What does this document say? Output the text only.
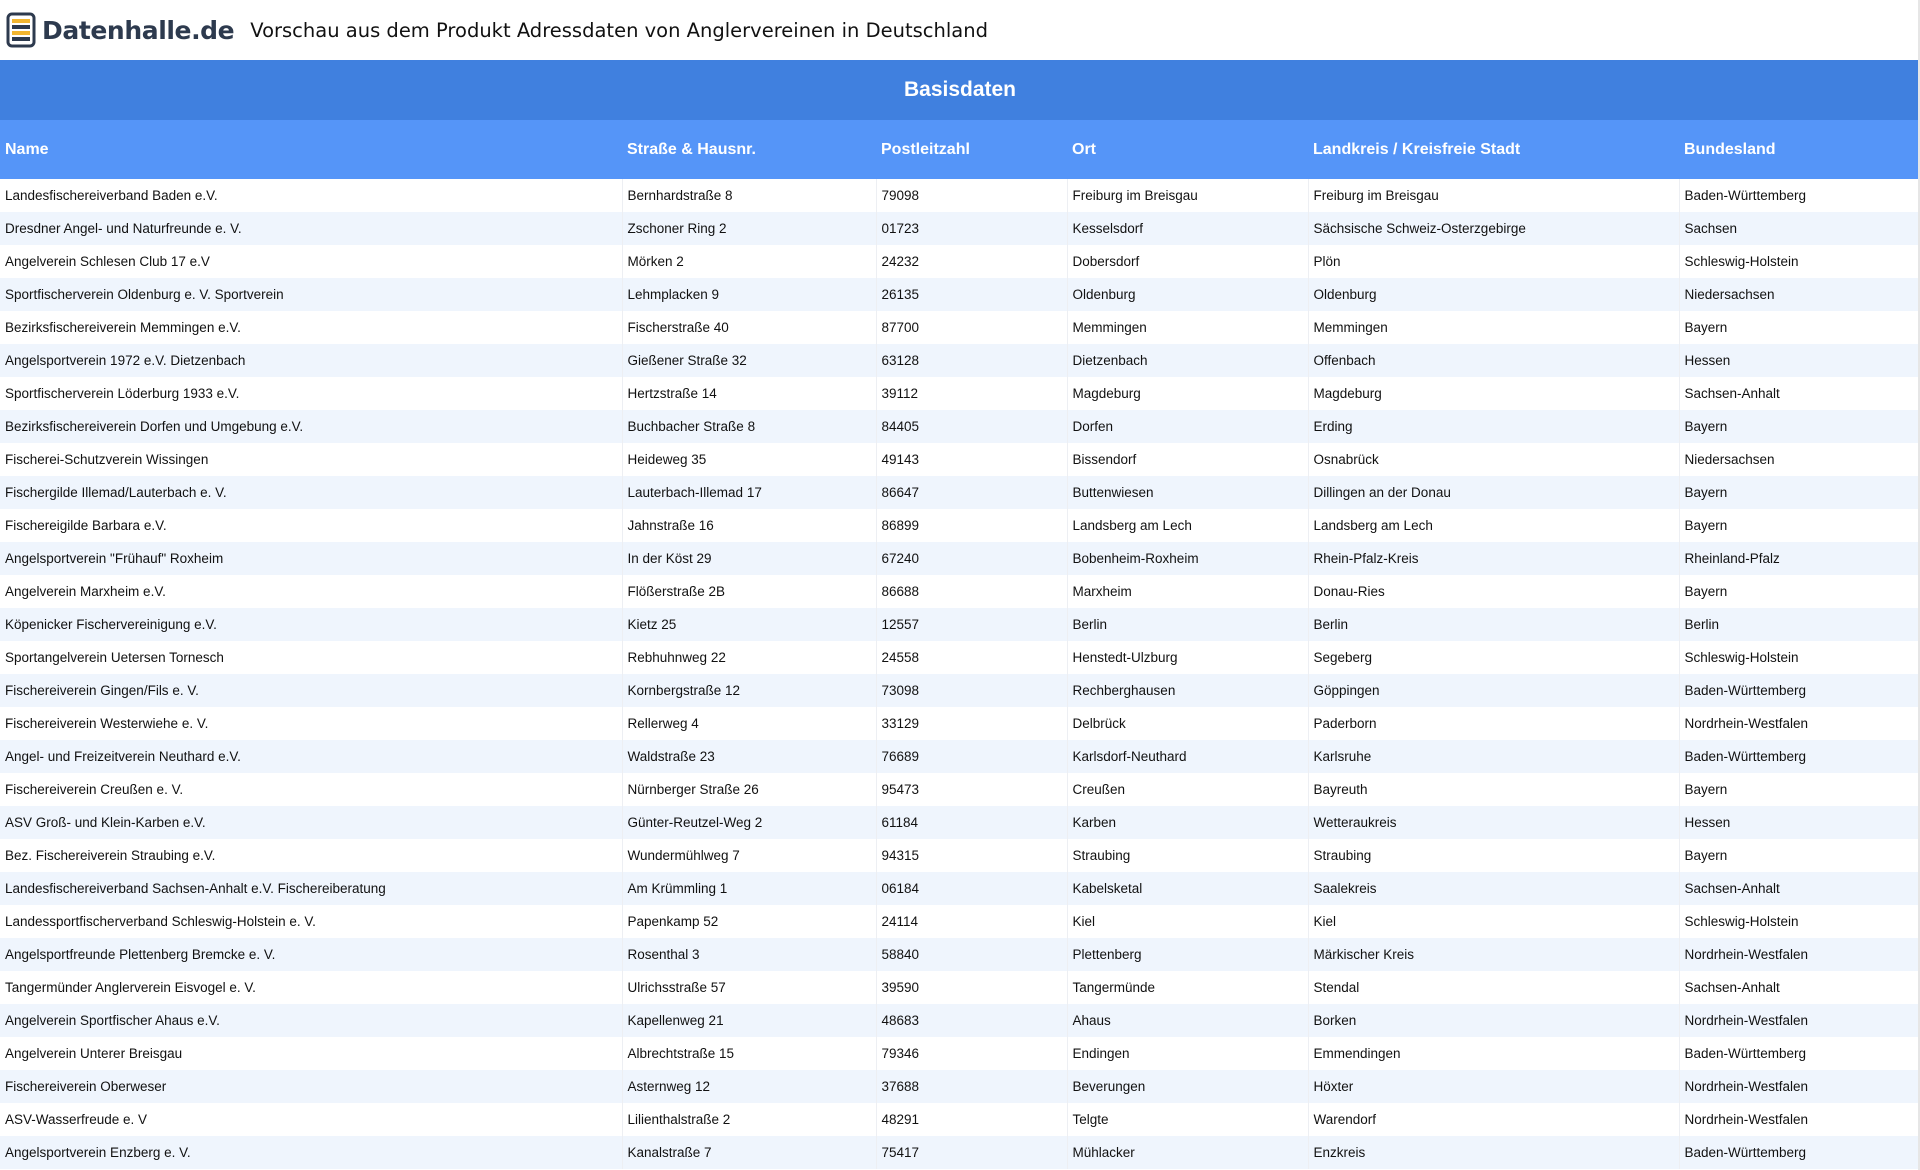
Datenhalle.de Vorschau aus dem Produkt Adressdaten von Anglervereinen in Deutschland
Basisdaten
Name	Straße & Hausnr.	Postleitzahl	Ort	Landkreis / Kreisfreie Stadt	Bundesland
Landesfischereiverband Baden e.V.	Bernhardstraße 8	79098	Freiburg im Breisgau	Freiburg im Breisgau	Baden-Württemberg
Dresdner Angel- und Naturfreunde e. V.	Zschoner Ring 2	01723	Kesselsdorf	Sächsische Schweiz-Osterzgebirge	Sachsen
Angelverein Schlesen Club 17 e.V	Mörken 2	24232	Dobersdorf	Plön	Schleswig-Holstein
Sportfischerverein Oldenburg e. V. Sportverein	Lehmplacken 9	26135	Oldenburg	Oldenburg	Niedersachsen
Bezirksfischereiverein Memmingen e.V.	Fischerstraße 40	87700	Memmingen	Memmingen	Bayern
Angelsportverein 1972 e.V. Dietzenbach	Gießener Straße 32	63128	Dietzenbach	Offenbach	Hessen
Sportfischerverein Löderburg 1933 e.V.	Hertzstraße 14	39112	Magdeburg	Magdeburg	Sachsen-Anhalt
Bezirksfischereiverein Dorfen und Umgebung e.V.	Buchbacher Straße 8	84405	Dorfen	Erding	Bayern
Fischerei-Schutzverein Wissingen	Heideweg 35	49143	Bissendorf	Osnabrück	Niedersachsen
Fischergilde Illemad/Lauterbach e. V.	Lauterbach-Illemad 17	86647	Buttenwiesen	Dillingen an der Donau	Bayern
Fischereigilde Barbara e.V.	Jahnstraße 16	86899	Landsberg am Lech	Landsberg am Lech	Bayern
Angelsportverein "Frühauf" Roxheim	In der Köst 29	67240	Bobenheim-Roxheim	Rhein-Pfalz-Kreis	Rheinland-Pfalz
Angelverein Marxheim e.V.	Flößerstraße 2B	86688	Marxheim	Donau-Ries	Bayern
Köpenicker Fischervereinigung e.V.	Kietz 25	12557	Berlin	Berlin	Berlin
Sportangelverein Uetersen Tornesch	Rebhuhnweg 22	24558	Henstedt-Ulzburg	Segeberg	Schleswig-Holstein
Fischereiverein Gingen/Fils e. V.	Kornbergstraße 12	73098	Rechberghausen	Göppingen	Baden-Württemberg
Fischereiverein Westerwiehe e. V.	Rellerweg 4	33129	Delbrück	Paderborn	Nordrhein-Westfalen
Angel- und Freizeitverein Neuthard e.V.	Waldstraße 23	76689	Karlsdorf-Neuthard	Karlsruhe	Baden-Württemberg
Fischereiverein Creußen e. V.	Nürnberger Straße 26	95473	Creußen	Bayreuth	Bayern
ASV Groß- und Klein-Karben e.V.	Günter-Reutzel-Weg 2	61184	Karben	Wetteraukreis	Hessen
Bez. Fischereiverein Straubing e.V.	Wundermühlweg 7	94315	Straubing	Straubing	Bayern
Landesfischereiverband Sachsen-Anhalt e.V. Fischereiberatung	Am Krümmling 1	06184	Kabelsketal	Saalekreis	Sachsen-Anhalt
Landessportfischerverband Schleswig-Holstein e. V.	Papenkamp 52	24114	Kiel	Kiel	Schleswig-Holstein
Angelsportfreunde Plettenberg Bremcke e. V.	Rosenthal 3	58840	Plettenberg	Märkischer Kreis	Nordrhein-Westfalen
Tangermünder Anglerverein Eisvogel e. V.	Ulrichsstraße 57	39590	Tangermünde	Stendal	Sachsen-Anhalt
Angelverein Sportfischer Ahaus e.V.	Kapellenweg 21	48683	Ahaus	Borken	Nordrhein-Westfalen
Angelverein Unterer Breisgau	Albrechtstraße 15	79346	Endingen	Emmendingen	Baden-Württemberg
Fischereiverein Oberweser	Asternweg 12	37688	Beverungen	Höxter	Nordrhein-Westfalen
ASV-Wasserfreude e. V	Lilienthalstraße 2	48291	Telgte	Warendorf	Nordrhein-Westfalen
Angelsportverein Enzberg e. V.	Kanalstraße 7	75417	Mühlacker	Enzkreis	Baden-Württemberg
